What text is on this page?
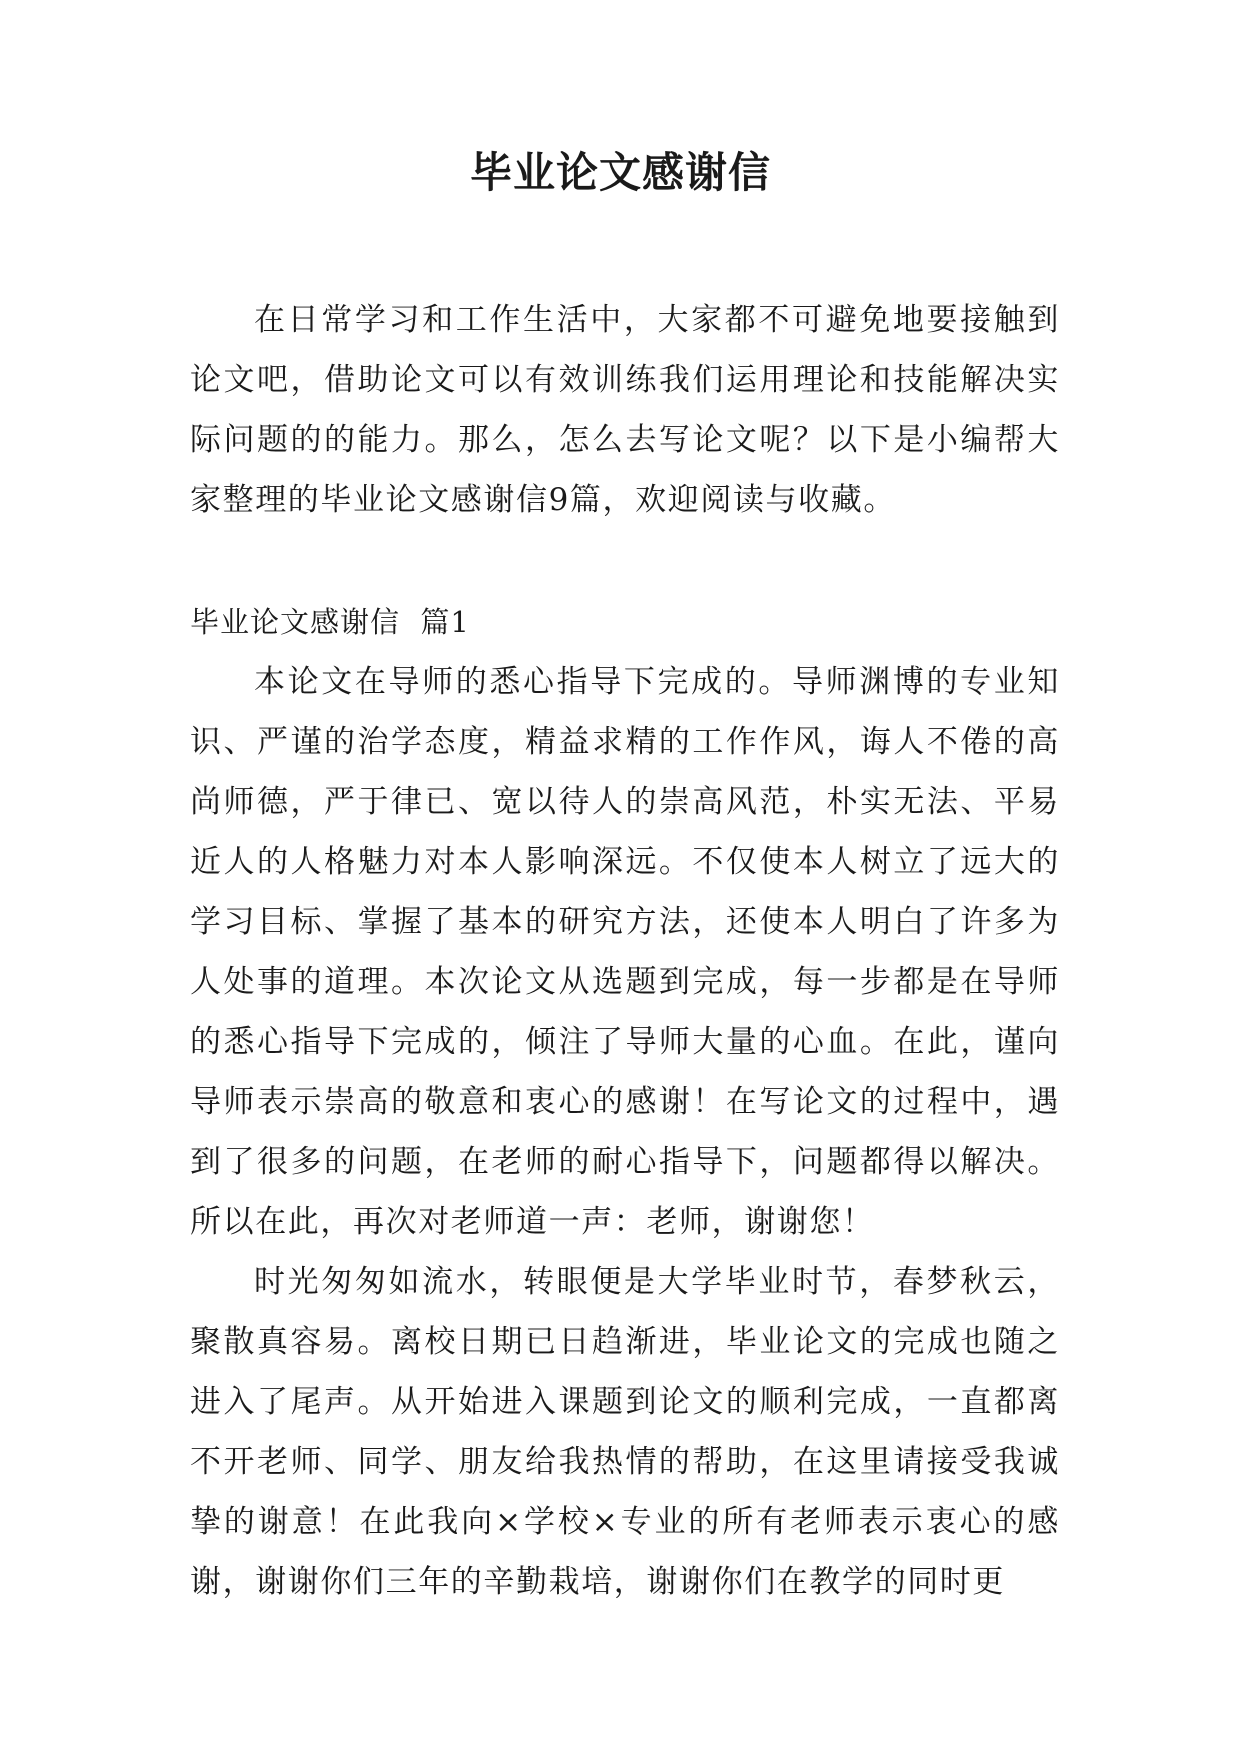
毕业论文感谢信

在日常学习和工作生活中，大家都不可避免地要接触到论文吧，借助论文可以有效训练我们运用理论和技能解决实际问题的的能力。那么，怎么去写论文呢？以下是小编帮大家整理的毕业论文感谢信9篇，欢迎阅读与收藏。

毕业论文感谢信  篇1

本论文在导师的悉心指导下完成的。导师渊博的专业知识、严谨的治学态度，精益求精的工作作风，诲人不倦的高尚师德，严于律已、宽以待人的崇高风范，朴实无法、平易近人的人格魅力对本人影响深远。不仅使本人树立了远大的学习目标、掌握了基本的研究方法，还使本人明白了许多为人处事的道理。本次论文从选题到完成，每一步都是在导师的悉心指导下完成的，倾注了导师大量的心血。在此，谨向导师表示崇高的敬意和衷心的感谢！在写论文的过程中，遇到了很多的问题，在老师的耐心指导下，问题都得以解决。所以在此，再次对老师道一声：老师，谢谢您！

时光匆匆如流水，转眼便是大学毕业时节，春梦秋云，聚散真容易。离校日期已日趋渐进，毕业论文的完成也随之进入了尾声。从开始进入课题到论文的顺利完成，一直都离不开老师、同学、朋友给我热情的帮助，在这里请接受我诚挚的谢意！在此我向×学校×专业的所有老师表示衷心的感谢，谢谢你们三年的辛勤栽培，谢谢你们在教学的同时更
